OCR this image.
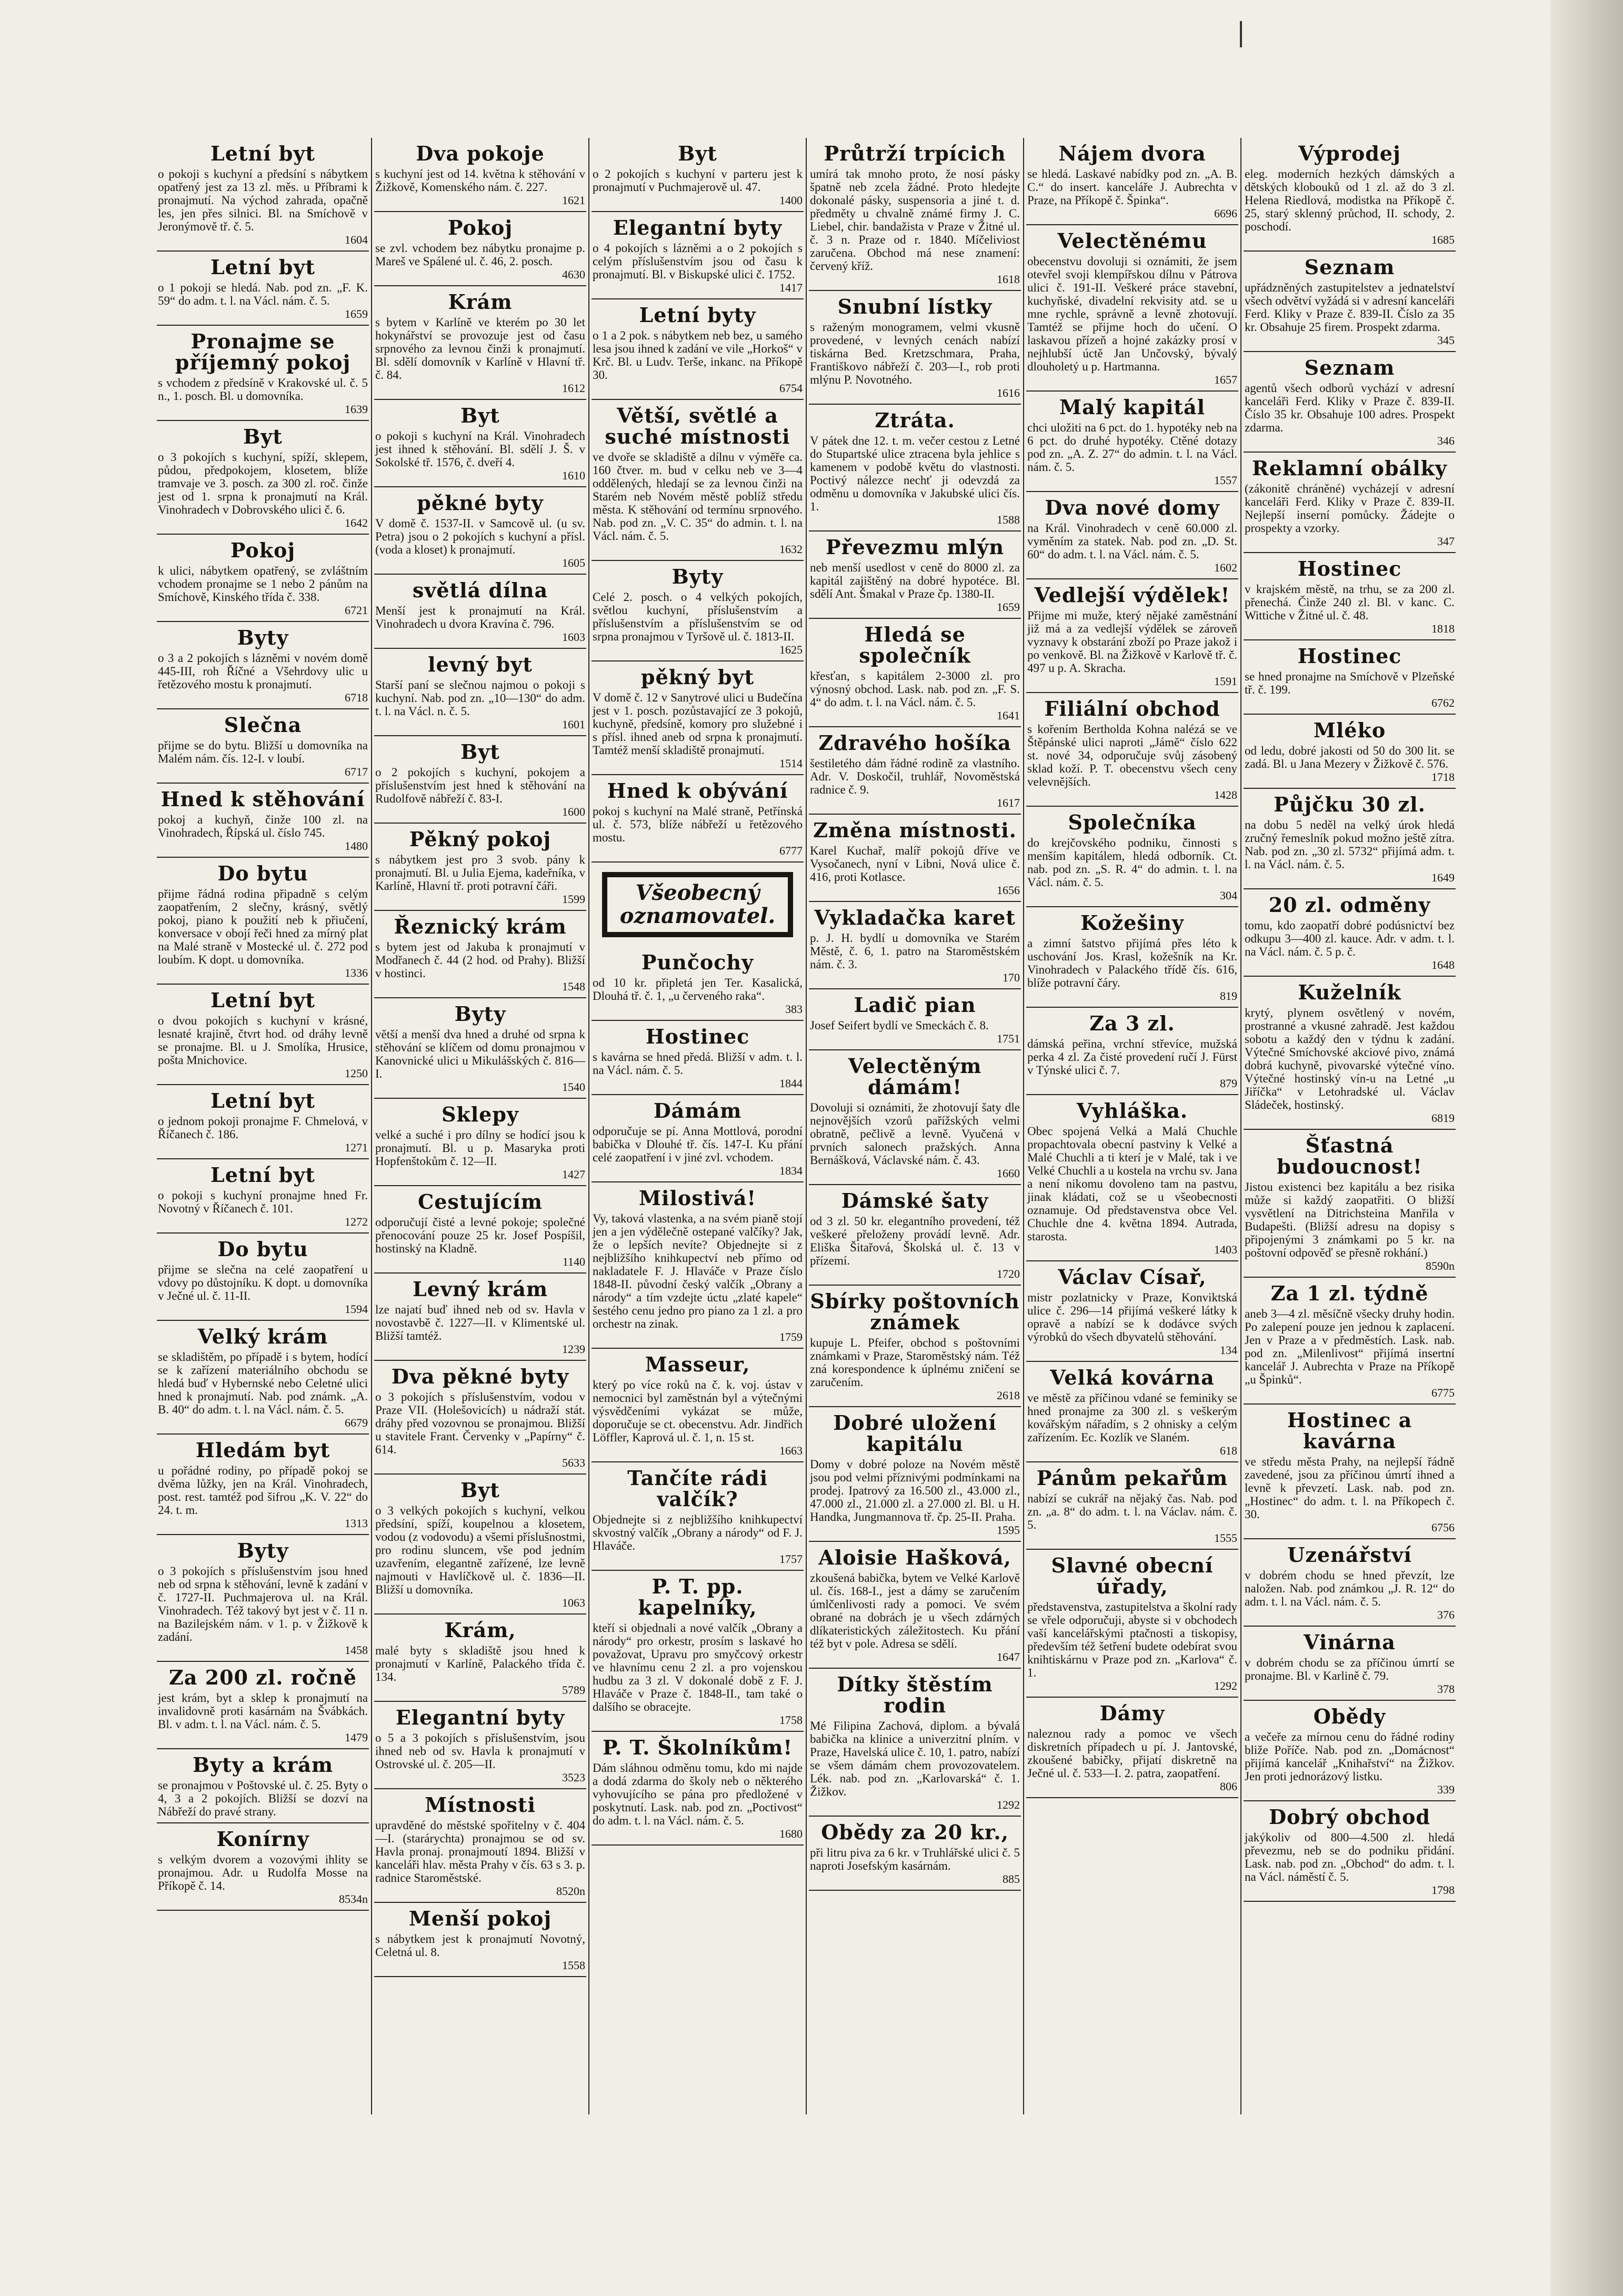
Letní byt

o pokoji s kuchyní a předsíní s nábytkem opatřený jest za 13 zl. měs. u Příbrami k pronajmutí. Na východ zahrada, opačně les, jen přes silnici. Bl. na Smíchově v Jeronýmově tř. č. 5.
1604

Letní byt

o 1 pokoji se hledá. Nab. pod zn. „F. K. 59“ do adm. t. l. na Václ. nám. č. 5.
1659

Pronajme se příjemný pokoj

s vchodem z předsíně v Krakovské ul. č. 5 n., 1. posch. Bl. u domovníka.
1639

Byt

o 3 pokojích s kuchyní, spíží, sklepem, půdou, předpokojem, klosetem, blíže tramvaje ve 3. posch. za 300 zl. roč. činže jest od 1. srpna k pronajmutí na Král. Vinohradech v Dobrovského ulici č. 6.
1642

Pokoj

k ulici, nábytkem opatřený, se zvláštním vchodem pronajme se 1 nebo 2 pánům na Smíchově, Kinského třída č. 338.
6721

Byty

o 3 a 2 pokojích s lázněmi v novém domě 445-III, roh Říčné a Všehrdovy ulic u řetězového mostu k pronajmutí.
6718

Slečna

přijme se do bytu. Bližší u domovníka na Malém nám. čís. 12-I. v loubí.
6717

Hned k stěhování

pokoj a kuchyň, činže 100 zl. na Vinohradech, Řípská ul. číslo 745.
1480

Do bytu

přijme řádná rodina připadně s celým zaopatřením, 2 slečny, krásný, světlý pokoj, piano k použití neb k přiučení, konversace v obojí řeči hned za mírný plat na Malé straně v Mostecké ul. č. 272 pod loubím. K dopt. u domovníka.
1336

Letní byt

o dvou pokojích s kuchyní v krásné, lesnaté krajině, čtvrt hod. od dráhy levně se pronajme. Bl. u J. Smolíka, Hrusice, pošta Mnichovice.
1250

Letní byt

o jednom pokoji pronajme F. Chmelová, v Říčanech č. 186.
1271

Letní byt

o pokoji s kuchyní pronajme hned Fr. Novotný v Říčanech č. 101.
1272

Do bytu

přijme se slečna na celé zaopatření u vdovy po důstojníku. K dopt. u domovníka v Ječné ul. č. 11-II.
1594

Velký krám

se skladištěm, po případě i s bytem, hodící se k zařízení materiálního obchodu se hledá buď v Hybernské nebo Celetné ulici hned k pronajmutí. Nab. pod známk. „A. B. 40“ do adm. t. l. na Václ. nám. č. 5.
6679

Hledám byt

u pořádné rodiny, po případě pokoj se dvěma lůžky, jen na Král. Vinohradech, post. rest. tamtéž pod šifrou „K. V. 22“ do 24. t. m.
1313

Byty

o 3 pokojích s příslušenstvím jsou hned neb od srpna k stěhování, levně k zadání v č. 1727-II. Puchmajerova ul. na Král. Vinohradech. Též takový byt jest v č. 11 n. na Bazilejském nám. v 1. p. v Žižkově k zadání.
1458

Za 200 zl. ročně

jest krám, byt a sklep k pronajmutí na invalidovně proti kasárnám na Švábkách. Bl. v adm. t. l. na Václ. nám. č. 5.
1479

Byty a krám

se pronajmou v Poštovské ul. č. 25. Byty o 4, 3 a 2 pokojích. Bližší se dozví na Nábřeží do pravé strany.

Konírny

s velkým dvorem a vozovými ihlity se pronajmou. Adr. u Rudolfa Mosse na Příkopě č. 14.
8534n

Dva pokoje

s kuchyní jest od 14. května k stěhování v Žižkově, Komenského nám. č. 227.
1621

Pokoj

se zvl. vchodem bez nábytku pronajme p. Mareš ve Spálené ul. č. 46, 2. posch.
4630

Krám

s bytem v Karlíně ve kterém po 30 let hokynářství se provozuje jest od času srpnového za levnou činži k pronajmutí. Bl. sdělí domovník v Karlíně v Hlavní tř. č. 84.
1612

Byt

o pokoji s kuchyní na Král. Vinohradech jest ihned k stěhování. Bl. sdělí J. Š. v Sokolské tř. 1576, č. dveří 4.
1610

pěkné byty

V domě č. 1537-II. v Samcově ul. (u sv. Petra) jsou o 2 pokojích s kuchyní a přísl. (voda a kloset) k pronajmutí.
1605

světlá dílna

Menší jest k pronajmutí na Král. Vinohradech u dvora Kravína č. 796.
1603

levný byt

Starší paní se slečnou najmou o pokoji s kuchyní. Nab. pod zn. „10—130“ do adm. t. l. na Václ. n. č. 5.
1601

Byt

o 2 pokojích s kuchyní, pokojem a příslušenstvím jest hned k stěhování na Rudolfově nábřeží č. 83-I.
1600

Pěkný pokoj

s nábytkem jest pro 3 svob. pány k pronajmutí. Bl. u Julia Ejema, kadeřníka, v Karlíně, Hlavní tř. proti potravní čáři.
1599

Řeznický krám

s bytem jest od Jakuba k pronajmutí v Modřanech č. 44 (2 hod. od Prahy). Bližší v hostinci.
1548

Byty

větší a menší dva hned a druhé od srpna k stěhování se klíčem od domu pronajmou v Kanovnické ulici u Mikulášských č. 816—I.
1540

Sklepy

velké a suché i pro dílny se hodící jsou k pronajmutí. Bl. u p. Masaryka proti Hopfenštokům č. 12—II.
1427

Cestujícím

odporučují čisté a levné pokoje; společné přenocování pouze 25 kr. Josef Pospíšil, hostinský na Kladně.
1140

Levný krám

lze najatí buď ihned neb od sv. Havla v novostavbě č. 1227—II. v Klimentské ul. Bližší tamtéž.
1239

Dva pěkné byty

o 3 pokojích s příslušenstvím, vodou v Praze VII. (Holešovicích) u nádraží stát. dráhy před vozovnou se pronajmou. Bližší u stavitele Frant. Červenky v „Papírny“ č. 614.
5633

Byt

o 3 velkých pokojích s kuchyní, velkou předsíní, spíží, koupelnou a klosetem, vodou (z vodovodu) a všemi příslušnostmi, pro rodinu sluncem, vše pod jedním uzavřením, elegantně zařízené, lze levně najmouti v Havlíčkově ul. č. 1836—II. Bližší u domovníka.
1063

Krám,

malé byty s skladiště jsou hned k pronajmutí v Karlíně, Palackého třída č. 134.
5789

Elegantní byty

o 5 a 3 pokojích s příslušenstvím, jsou ihned neb od sv. Havla k pronajmutí v Ostrovské ul. č. 205—II.
3523

Místnosti

upravděné do městské spořitelny v č. 404—I. (starárychta) pronajmou se od sv. Havla pronaj. pronajmoutí 1894. Bližší v kanceláři hlav. města Prahy v čís. 63 s 3. p. radnice Staroměstské.
8520n

Menší pokoj

s nábytkem jest k pronajmutí Novotný, Celetná ul. 8.
1558

Byt

o 2 pokojích s kuchyní v parteru jest k pronajmutí v Puchmajerově ul. 47.
1400

Elegantní byty

o 4 pokojích s lázněmi a o 2 pokojích s celým příslušenstvím jsou od času k pronajmutí. Bl. v Biskupské ulici č. 1752.
1417

Letní byty

o 1 a 2 pok. s nábytkem neb bez, u samého lesa jsou ihned k zadání ve vile „Horkoš“ v Krč. Bl. u Ludv. Terše, inkanc. na Příkopě 30.
6754

Větší, světlé a suché místnosti

ve dvoře se skladiště a dílnu v výměře ca. 160 čtver. m. bud v celku neb ve 3—4 oddělených, hledají se za levnou činži na Starém neb Novém městě poblíž středu města. K stěhování od termínu srpnového. Nab. pod zn. „V. C. 35“ do admin. t. l. na Václ. nám. č. 5.
1632

Byty

Celé 2. posch. o 4 velkých pokojích, světlou kuchyní, příslušenstvím a příslušenstvím a příslušenstvím se od srpna pronajmou v Tyršově ul. č. 1813-II.
1625

pěkný byt

V domě č. 12 v Sanytrové ulici u Budečína jest v 1. posch. pozůstavající ze 3 pokojů, kuchyně, předsíně, komory pro služebné i s přísl. ihned aneb od srpna k pronajmutí. Tamtéž menší skladiště pronajmutí.
1514

Hned k obývání

pokoj s kuchyní na Malé straně, Petřínská ul. č. 573, blíže nábřeží u řetězového mostu.
6777

Všeobecný oznamovatel.
Punčochy

od 10 kr. připletá jen Ter. Kasalická, Dlouhá tř. č. 1, „u červeného raka“.
383

Hostinec

s kavárna se hned předá. Bližší v adm. t. l. na Václ. nám. č. 5.
1844

Dámám

odporučuje se pí. Anna Mottlová, porodní babička v Dlouhé tř. čís. 147-I. Ku přání celé zaopatření i v jiné zvl. vchodem.
1834

Milostivá!

Vy, taková vlastenka, a na svém pianě stojí jen a jen výdělečně ostepané valčíky? Jak, že o lepších nevíte? Objednejte si z nejbližšího knihkupectví neb přímo od nakladatele F. J. Hlaváče v Praze číslo 1848-II. původní český valčík „Obrany a národy“ a tím vzdejte úctu „zlaté kapele“ šestého cenu jedno pro piano za 1 zl. a pro orchestr na zinak.
1759

Masseur,

který po více roků na č. k. voj. ústav v nemocnici byl zaměstnán byl a výtečnými výsvědčeními vykázat se může, doporučuje se ct. obecenstvu. Adr. Jindřich Löffler, Kaprová ul. č. 1, n. 15 st.
1663

Tančíte rádi valčík?

Objednejte si z nejbližšího knihkupectví skvostný valčík „Obrany a národy“ od F. J. Hlaváče.
1757

P. T. pp. kapelníky,

kteří si objednali a nové valčík „Obrany a národy“ pro orkestr, prosím s laskavé ho považovat, Upravu pro smyčcový orkestr ve hlavnímu cenu 2 zl. a pro vojenskou hudbu za 3 zl. V dokonalé době z F. J. Hlaváče v Praze č. 1848-II., tam také o dalšího se obracejte.
1758

P. T. Školníkům!

Dám sláhnou odměnu tomu, kdo mi najde a dodá zdarma do školy neb o některého vyhovujícího se pána pro předložené v poskytnutí. Lask. nab. pod zn. „Poctivost“ do adm. t. l. na Václ. nám. č. 5.
1680

Průtrží trpícich

umírá tak mnoho proto, že nosí pásky špatně neb zcela žádné. Proto hledejte dokonalé pásky, suspensoria a jiné t. d. předměty u chvalně známé firmy J. C. Liebel, chir. bandažista v Praze v Žitné ul. č. 3 n. Praze od r. 1840. Míčeliviost zaručena. Obchod má nese znamení: červený kříž.
1618

Snubní lístky

s raženým monogramem, velmi vkusně provedené, v levných cenách nabízí tiskárna Bed. Kretzschmara, Praha, Františkovo nábřeží č. 203—I., rob proti mlýnu P. Novotného.
1616

Ztráta.

V pátek dne 12. t. m. večer cestou z Letné do Stupartské ulice ztracena byla jehlice s kamenem v podobě květu do vlastnosti. Poctivý nálezce nechť ji odevzdá za odměnu u domovníka v Jakubské ulici čís. 1.
1588

Převezmu mlýn

neb menší usedlost v ceně do 8000 zl. za kapitál zajištěný na dobré hypotéce. Bl. sdělí Ant. Šmakal v Praze čp. 1380-II.
1659

Hledá se společník

křesťan, s kapitálem 2-3000 zl. pro výnosný obchod. Lask. nab. pod zn. „F. S. 4“ do adm. t. l. na Václ. nám. č. 5.
1641

Zdravého hošíka

šestiletého dám řádné rodině za vlastního. Adr. V. Doskočil, truhlář, Novoměstská radnice č. 9.
1617

Změna místnosti.

Karel Kuchař, malíř pokojů dříve ve Vysočanech, nyní v Libni, Nová ulice č. 416, proti Kotlasce.
1656

Vykladačka karet

p. J. H. bydlí u domovníka ve Starém Městě, č. 6, 1. patro na Staroměstském nám. č. 3.
170

Ladič pian

Josef Seifert bydlí ve Smeckách č. 8.
1751

Velectěným dámám!

Dovoluji si oznámiti, že zhotovují šaty dle nejnovějších vzorů pařížských velmi obratně, pečlivě a levně. Vyučená v prvních salonech pražských. Anna Bernášková, Václavské nám. č. 43.
1660

Dámské šaty

od 3 zl. 50 kr. elegantního provedení, též veškeré přeloženy provádí levně. Adr. Eliška Šitařová, Školská ul. č. 13 v přízemí.
1720

Sbírky poštovních známek

kupuje L. Pfeifer, obchod s poštovními známkami v Praze, Staroměstský nám. Též zná korespondence k úplnému zničení se zaručením.
2618

Dobré uložení kapitálu

Domy v dobré poloze na Novém městě jsou pod velmi příznivými podmínkami na prodej. Ipatrový za 16.500 zl., 43.000 zl., 47.000 zl., 21.000 zl. a 27.000 zl. Bl. u H. Handka, Jungmannova tř. čp. 25-II. Praha.
1595

Aloisie Hašková,

zkoušená babička, bytem ve Velké Karlově ul. čís. 168-I., jest a dámy se zaručením úmlčenlivosti rady a pomoci. Ve svém obrané na dobrách je u všech zdárných dlíkateristických záležitostech. Ku přání též byt v pole. Adresa se sdělí.
1647

Dítky štěstím rodin

Mé Filipina Zachová, diplom. a bývalá babička na klinice a univerzitní plním. v Praze, Havelská ulice č. 10, 1. patro, nabízí se všem dámám chem provozovatelem. Lék. nab. pod zn. „Karlovarská“ č. 1. Žižkov.
1292

Obědy za 20 kr.,

při litru piva za 6 kr. v Truhlářské ulici č. 5 naproti Josefským kasárnám.
885

Nájem dvora

se hledá. Laskavé nabídky pod zn. „A. B. C.“ do insert. kanceláře J. Aubrechta v Praze, na Příkopě č. Špinka“.
6696

Velectěnému

obecenstvu dovoluji si oznámiti, že jsem otevřel svoji klempířskou dílnu v Pátrova ulici č. 191-II. Veškeré práce stavební, kuchyňské, divadelní rekvisity atd. se u mne rychle, správně a levně zhotovují. Tamtéž se přijme hoch do učení. O laskavou přízeň a hojné zakázky prosí v nejhlubší úctě Jan Unčovský, bývalý dlouholetý u p. Hartmanna.
1657

Malý kapitál

chci uložiti na 6 pct. do 1. hypotéky neb na 6 pct. do druhé hypotéky. Ctěné dotazy pod zn. „A. Z. 27“ do admin. t. l. na Václ. nám. č. 5.
1557

Dva nové domy

na Král. Vinohradech v ceně 60.000 zl. vyměním za statek. Nab. pod zn. „D. St. 60“ do adm. t. l. na Václ. nám. č. 5.
1602

Vedlejší výdělek!

Přijme mi muže, který nějaké zaměstnání již má a za vedlejší výdělek se zároveň vyznavy k obstarání zboží po Praze jakož i po venkově. Bl. na Žižkově v Karlově tř. č. 497 u p. A. Skracha.
1591

Filiální obchod

s kořením Bertholda Kohna nalézá se ve Štěpánské ulici naproti „Jámě“ číslo 622 st. nové 34, odporučuje svůj zásobený sklad koží. P. T. obecenstvu všech ceny velevnějších.
1428

Společníka

do krejčovského podniku, činnosti s menším kapitálem, hledá odborník. Ct. nab. pod zn. „S. R. 4“ do admin. t. l. na Václ. nám. č. 5.
304

Kožešiny

a zimní šatstvo přijímá přes léto k uschování Jos. Krasl, kožešník na Kr. Vinohradech v Palackého třídě čís. 616, blíže potravní čáry.
819

Za 3 zl.

dámská peřina, vrchní střevíce, mužská perka 4 zl. Za čisté provedení ručí J. Fürst v Týnské ulici č. 7.
879

Vyhláška.

Obec spojená Velká a Malá Chuchle propachtovala obecní pastviny k Velké a Malé Chuchli a ti kterí je v Malé, tak i ve Velké Chuchli a u kostela na vrchu sv. Jana a není nikomu dovoleno tam na pastvu, jinak kládati, což se u všeobecnosti oznamuje. Od představenstva obce Vel. Chuchle dne 4. května 1894. Autrada, starosta.
1403

Václav Císař,

mistr pozlatnicky v Praze, Konviktská ulice č. 296—14 přijímá veškeré látky k opravě a nabízí se k dodávce svých výrobků do všech dbyvatelů stěhování.
134

Velká kovárna

ve městě za příčinou vdané se feminiky se hned pronajme za 300 zl. s veškerým kovářským nářadím, s 2 ohnisky a celým zařízením. Ec. Kozlík ve Slaném.
618

Pánům pekařům

nabízí se cukrář na nějaký čas. Nab. pod zn. „a. 8“ do adm. t. l. na Václav. nám. č. 5.
1555

Slavné obecní úřady,

představenstva, zastupitelstva a školní rady se vřele odporučuji, abyste si v obchodech vaší kancelářskými ptačnosti a tiskopisy, především též šetření budete odebírat svou knihtiskárnu v Praze pod zn. „Karlova“ č. 1.
1292

Dámy

naleznou rady a pomoc ve všech diskretních případech u pí. J. Jantovské, zkoušené babičky, přijatí diskretně na Ječné ul. č. 533—I. 2. patra, zaopatření.
806

Výprodej

eleg. moderních hezkých dámských a dětských klobouků od 1 zl. až do 3 zl. Helena Riedlová, modistka na Příkopě č. 25, starý sklenný průchod, II. schody, 2. poschodí.
1685

Seznam

upřádzněných zastupitelstev a jednatelství všech odvětví vyžádá si v adresní kanceláři Ferd. Kliky v Praze č. 839-II. Číslo za 35 kr. Obsahuje 25 firem. Prospekt zdarma.
345

Seznam

agentů všech odborů vychází v adresní kanceláři Ferd. Kliky v Praze č. 839-II. Číslo 35 kr. Obsahuje 100 adres. Prospekt zdarma.
346

Reklamní obálky

(zákonitě chráněné) vycházejí v adresní kanceláři Ferd. Kliky v Praze č. 839-II. Nejlepší inserní pomůcky. Žádejte o prospekty a vzorky.
347

Hostinec

v krajském městě, na trhu, se za 200 zl. přenechá. Činže 240 zl. Bl. v kanc. C. Wittiche v Žitné ul. č. 48.
1818

Hostinec

se hned pronajme na Smíchově v Plzeňské tř. č. 199.
6762

Mléko

od ledu, dobré jakosti od 50 do 300 lit. se zadá. Bl. u Jana Mezery v Žižkově č. 576.
1718

Půjčku 30 zl.

na dobu 5 neděl na velký úrok hledá zručný řemeslník pokud možno ještě zítra. Nab. pod zn. „30 zl. 5732“ přijímá adm. t. l. na Václ. nám. č. 5.
1649

20 zl. odměny

tomu, kdo zaopatří dobré podúsnictví bez odkupu 3—400 zl. kauce. Adr. v adm. t. l. na Václ. nám. č. 5 p. č.
1648

Kuželník

krytý, plynem osvětlený v novém, prostranné a vkusné zahradě. Jest každou sobotu a každý den v týdnu k zadání. Výtečné Smíchovské akciové pivo, známá dobrá kuchyně, pivovarské výtečné víno. Výtečné hostinský vín-u na Letné „u Jiříčka“ v Letohradské ul. Václav Sládeček, hostinský.
6819

Šťastná budoucnost!

Jistou existenci bez kapitálu a bez risika může si každý zaopatřiti. O bližší vysvětlení na Ditrichsteina Manřila v Budapešti. (Bližší adresu na dopisy s připojenými 3 známkami po 5 kr. na poštovní odpověď se přesně rokhání.)
8590n

Za 1 zl. týdně

aneb 3—4 zl. měsíčně všecky druhy hodin. Po zalepení pouze jen jednou k zaplacení. Jen v Praze a v předměstích. Lask. nab. pod zn. „Milenlivost“ přijímá insertní kancelář J. Aubrechta v Praze na Příkopě „u Špinků“.
6775

Hostinec a kavárna

ve středu města Prahy, na nejlepší řádně zavedené, jsou za příčinou úmrtí ihned a levně k převzetí. Lask. nab. pod zn. „Hostinec“ do adm. t. l. na Příkopech č. 30.
6756

Uzenářství

v dobrém chodu se hned převzít, lze naložen. Nab. pod známkou „J. R. 12“ do adm. t. l. na Václ. nám. č. 5.
376

Vinárna

v dobrém chodu se za příčinou úmrtí se pronajme. Bl. v Karlině č. 79.
378

Obědy

a večeře za mírnou cenu do řádné rodiny bliže Poříče. Nab. pod zn. „Domácnost“ přijímá kancelář „Knihařství“ na Žižkov. Jen proti jednorázový listku.
339

Dobrý obchod

jakýkoliv od 800—4.500 zl. hledá převezmu, neb se do podniku přidání. Lask. nab. pod zn. „Obchod“ do adm. t. l. na Václ. náměstí č. 5.
1798
